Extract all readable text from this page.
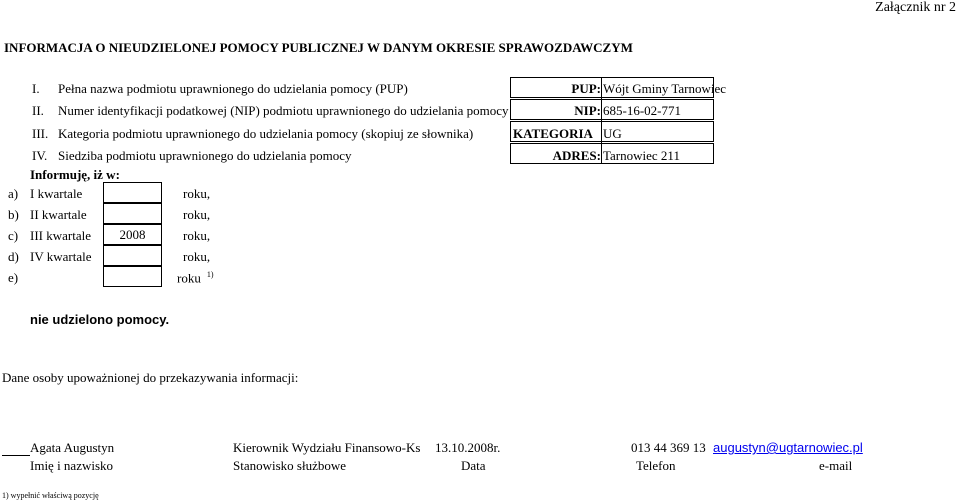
Załącznik nr 2
INFORMACJA O NIEUDZIELONEJ POMOCY PUBLICZNEJ W DANYM OKRESIE SPRAWOZDAWCZYM
I. Pełna nazwa podmiotu uprawnionego do udzielania pomocy (PUP)	PUP: Wójt Gminy Tarnowiec
II. Numer identyfikacji podatkowej (NIP) podmiotu uprawnionego do udzielania pomocy	NIP: 685-16-02-771
III. Kategoria podmiotu uprawnionego do udzielania pomocy (skopiuj ze słownika)	KATEGORIA UG
IV. Siedziba podmiotu uprawnionego do udzielania pomocy	ADRES: Tarnowiec 211
Informuję, iż w:
a) I kwartale	roku,
b) II kwartale	roku,
c) III kwartale	2008	roku,
d) IV kwartale	roku,
e)	roku $^{1)}$
nie udzielono pomocy.
Dane osoby upoważnionej do przekazywania informacji:
Agata Augustyn	Kierownik Wydziału Finansowo-Ks 13.10.2008r.	013 44 369 13 augustyn@ugtarnowiec.pl
Imię i nazwisko	Stanowisko służbowe	Data	Telefon	e-mail
1) wypełnić właściwą pozycję
